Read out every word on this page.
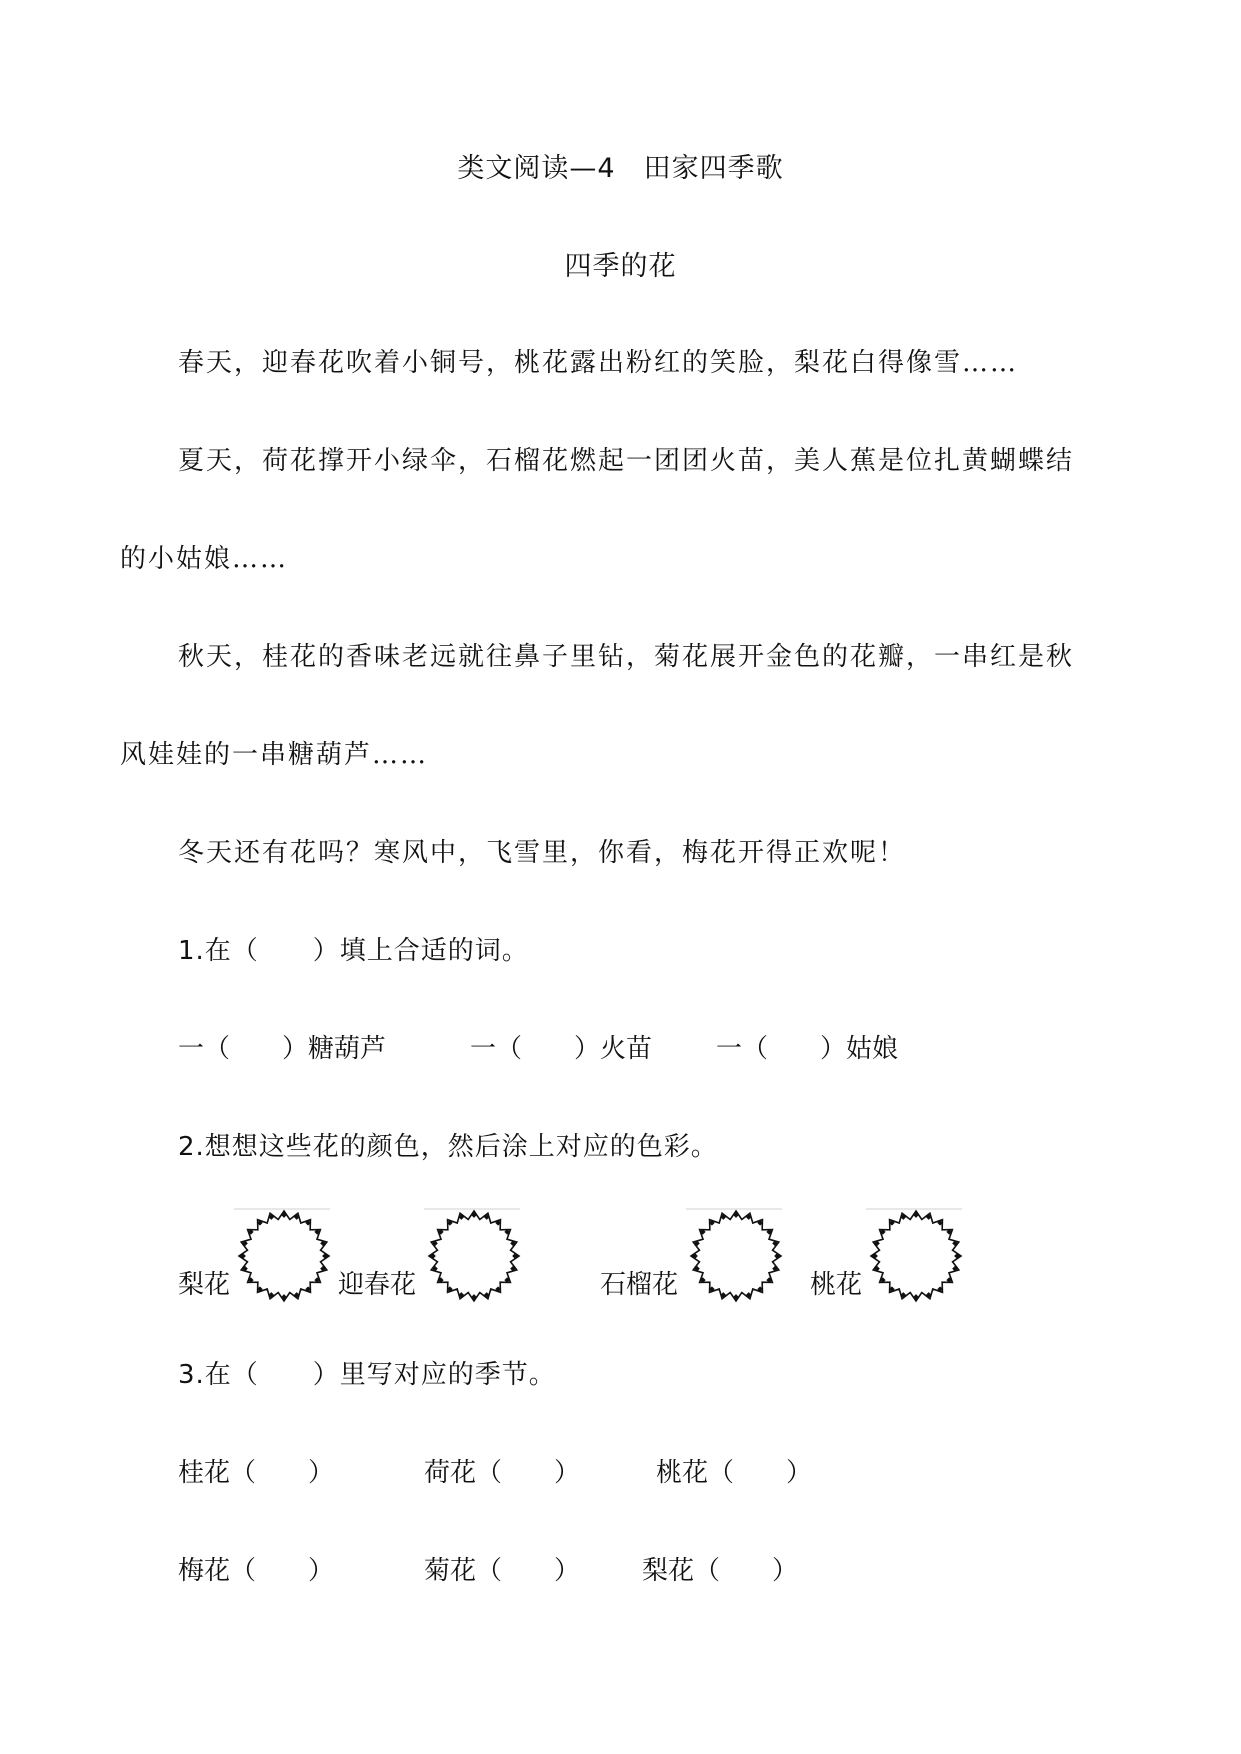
类文阅读—4　田家四季歌
四季的花
春天，迎春花吹着小铜号，桃花露出粉红的笑脸，梨花白得像雪……
夏天，荷花撑开小绿伞，石榴花燃起一团团火苗，美人蕉是位扎黄蝴蝶结
的小姑娘……
秋天，桂花的香味老远就往鼻子里钻，菊花展开金色的花瓣，一串红是秋
风娃娃的一串糖葫芦……
冬天还有花吗？寒风中，飞雪里，你看，梅花开得正欢呢！
1.在（　　）填上合适的词。
一（　　）糖葫芦	一（　　）火苗 一（　　）姑娘
2.想想这些花的颜色，然后涂上对应的色彩。
梨花	迎春花	石榴花	桃花
3.在（　　）里写对应的季节。
桂花（　　）	荷花（　　）	桃花（　　）
梅花（　　）	菊花（　　） 梨花（　　）
